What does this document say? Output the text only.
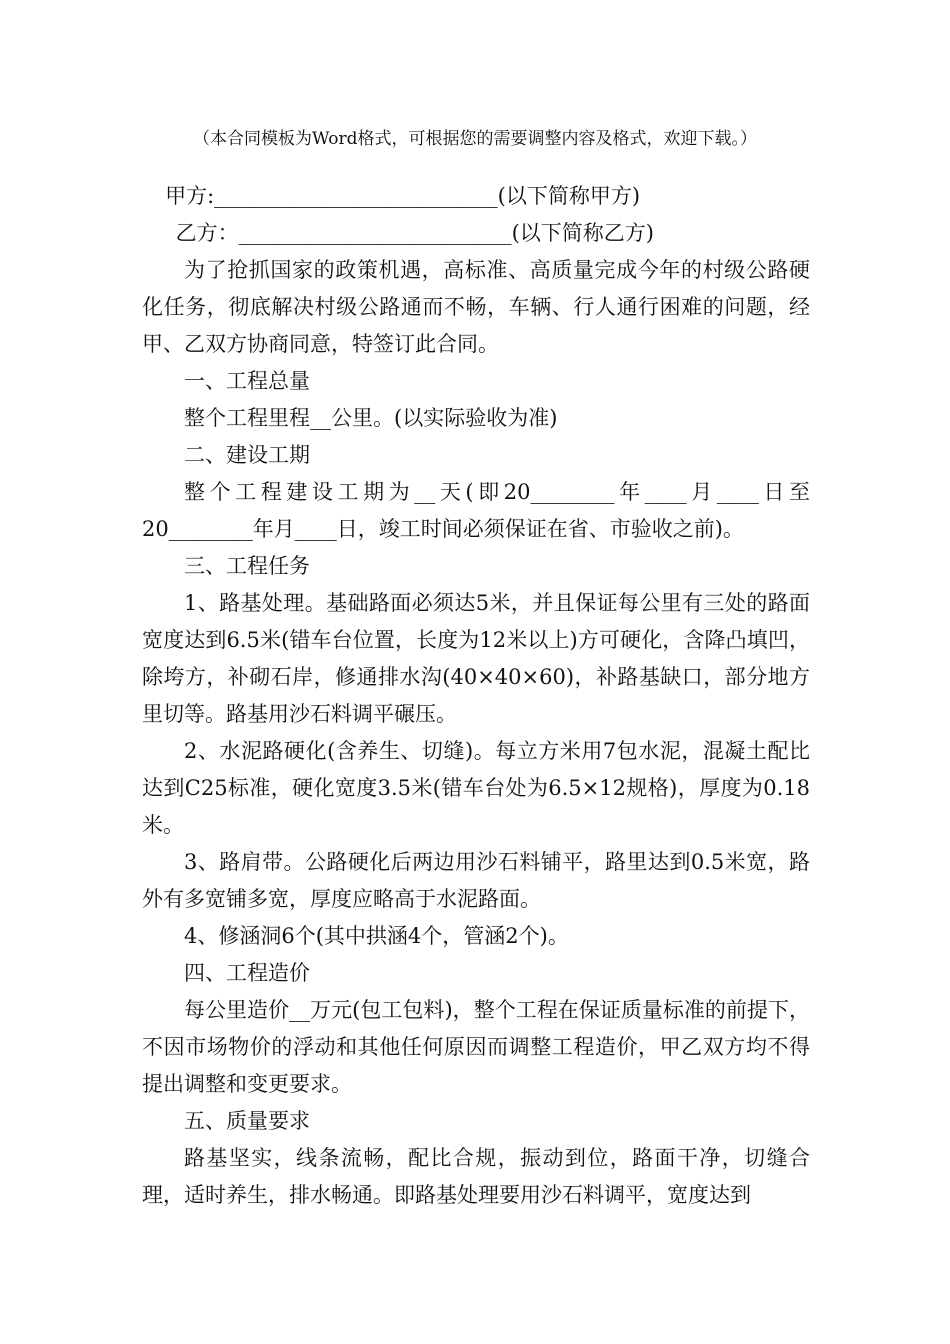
（本合同模板为Word格式，可根据您的需要调整内容及格式，欢迎下载。）

甲方:___________________________(以下简称甲方)

乙方：__________________________(以下简称乙方)

为了抢抓国家的政策机遇，高标准、高质量完成今年的村级公路硬化任务，彻底解决村级公路通而不畅，车辆、行人通行困难的问题，经甲、乙双方协商同意，特签订此合同。

一、工程总量

整个工程里程__公里。(以实际验收为准)

二、建设工期

整个工程建设工期为__天(即20________年____月____日至20________年月____日，竣工时间必须保证在省、市验收之前)。

三、工程任务

1、路基处理。基础路面必须达5米，并且保证每公里有三处的路面宽度达到6.5米(错车台位置，长度为12米以上)方可硬化，含降凸填凹，除垮方，补砌石岸，修通排水沟(40×40×60)，补路基缺口，部分地方里切等。路基用沙石料调平碾压。

2、水泥路硬化(含养生、切缝)。每立方米用7包水泥，混凝土配比达到C25标准，硬化宽度3.5米(错车台处为6.5×12规格)，厚度为0.18米。

3、路肩带。公路硬化后两边用沙石料铺平，路里达到0.5米宽，路外有多宽铺多宽，厚度应略高于水泥路面。

4、修涵洞6个(其中拱涵4个，管涵2个)。

四、工程造价

每公里造价__万元(包工包料)，整个工程在保证质量标准的前提下，不因市场物价的浮动和其他任何原因而调整工程造价，甲乙双方均不得提出调整和变更要求。

五、质量要求

路基坚实，线条流畅，配比合规，振动到位，路面干净，切缝合理，适时养生，排水畅通。即路基处理要用沙石料调平，宽度达到
